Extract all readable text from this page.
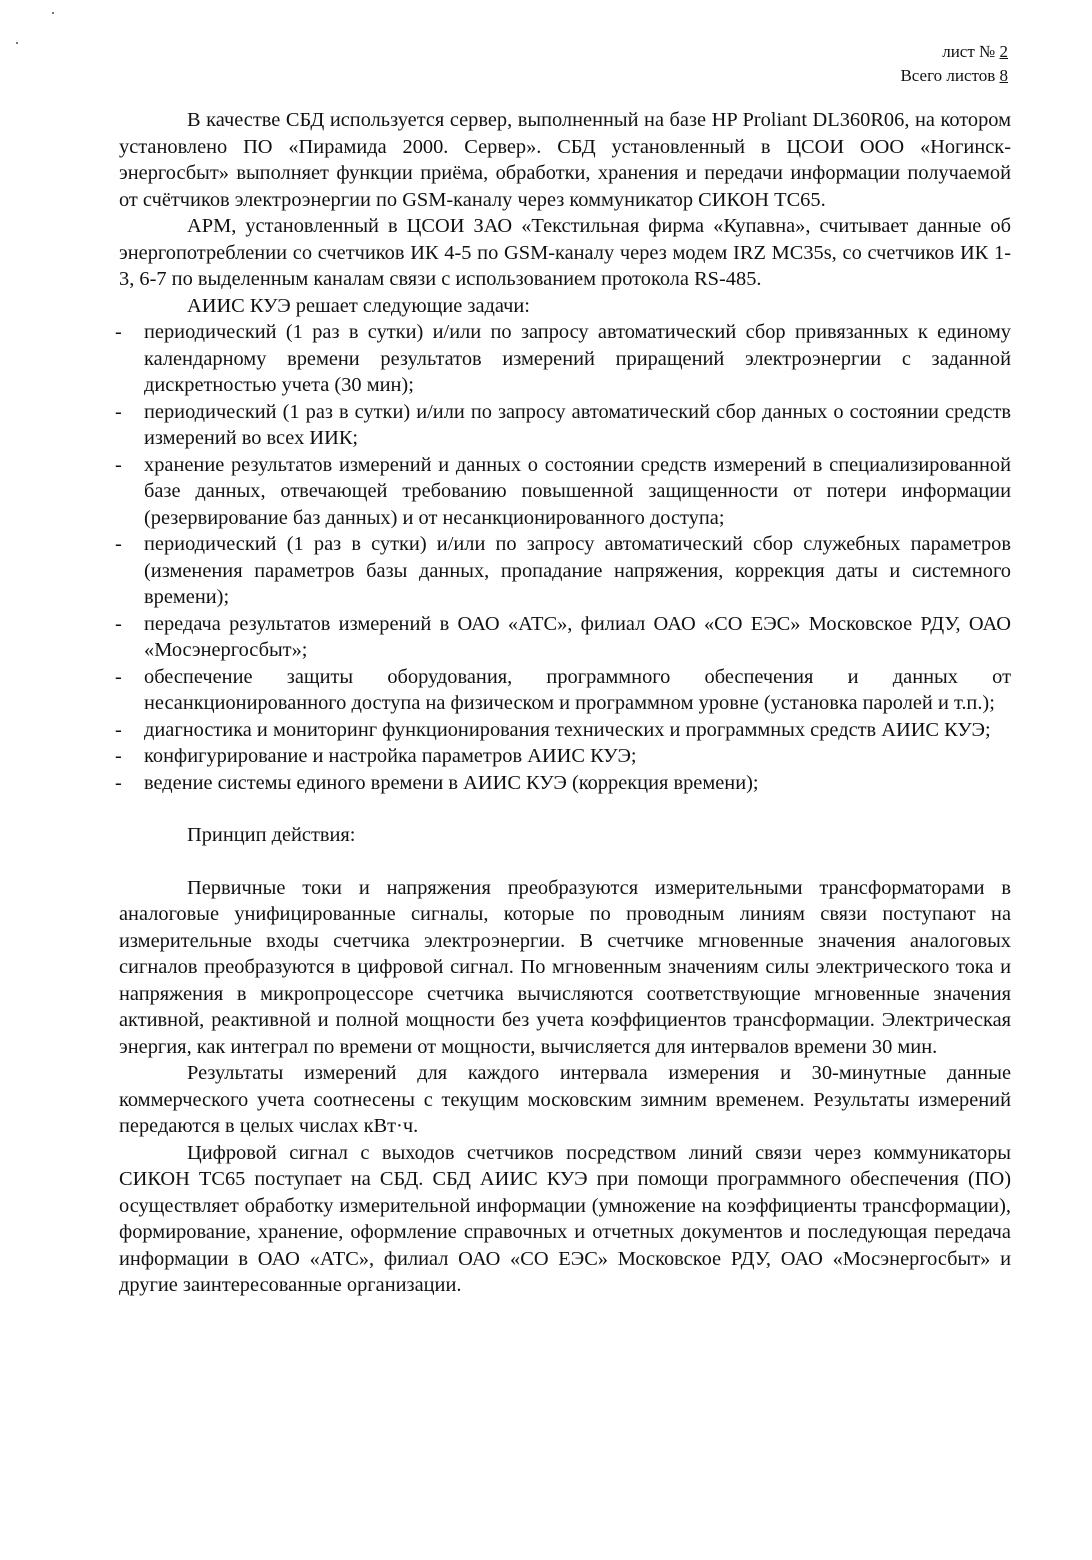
лист № 2
Всего листов 8

В качестве СБД используется сервер, выполненный на базе HP Proliant DL360R06, на котором установлено ПО «Пирамида 2000. Сервер». СБД установленный в ЦСОИ ООО «Ногинск-энергосбыт» выполняет функции приёма, обработки, хранения и передачи информации получаемой от счётчиков электроэнергии по GSM-каналу через коммуникатор СИКОН ТС65.

АРМ, установленный в ЦСОИ ЗАО «Текстильная фирма «Купавна», считывает данные об энергопотреблении со счетчиков ИК 4-5 по GSM-каналу через модем IRZ MC35s, со счетчиков ИК 1-3, 6-7 по выделенным каналам связи с использованием протокола RS-485.

АИИС КУЭ решает следующие задачи:

- периодический (1 раз в сутки) и/или по запросу автоматический сбор привязанных к единому календарному времени результатов измерений приращений электроэнергии с заданной дискретностью учета (30 мин);
- периодический (1 раз в сутки) и/или по запросу автоматический сбор данных о состоянии средств измерений во всех ИИК;
- хранение результатов измерений и данных о состоянии средств измерений в специализированной базе данных, отвечающей требованию повышенной защищенности от потери информации (резервирование баз данных) и от несанкционированного доступа;
- периодический (1 раз в сутки) и/или по запросу автоматический сбор служебных параметров (изменения параметров базы данных, пропадание напряжения, коррекция даты и системного времени);
- передача результатов измерений в ОАО «АТС», филиал ОАО «СО ЕЭС» Московское РДУ, ОАО «Мосэнергосбыт»;
- обеспечение защиты оборудования, программного обеспечения и данных от несанкционированного доступа на физическом и программном уровне (установка паролей и т.п.);
- диагностика и мониторинг функционирования технических и программных средств АИИС КУЭ;
- конфигурирование и настройка параметров АИИС КУЭ;
- ведение системы единого времени в АИИС КУЭ (коррекция времени);

Принцип действия:

Первичные токи и напряжения преобразуются измерительными трансформаторами в аналоговые унифицированные сигналы, которые по проводным линиям связи поступают на измерительные входы счетчика электроэнергии. В счетчике мгновенные значения аналоговых сигналов преобразуются в цифровой сигнал. По мгновенным значениям силы электрического тока и напряжения в микропроцессоре счетчика вычисляются соответствующие мгновенные значения активной, реактивной и полной мощности без учета коэффициентов трансформации. Электрическая энергия, как интеграл по времени от мощности, вычисляется для интервалов времени 30 мин.

Результаты измерений для каждого интервала измерения и 30-минутные данные коммерческого учета соотнесены с текущим московским зимним временем. Результаты измерений передаются в целых числах кВт·ч.

Цифровой сигнал с выходов счетчиков посредством линий связи через коммуникаторы СИКОН ТС65 поступает на СБД. СБД АИИС КУЭ при помощи программного обеспечения (ПО) осуществляет обработку измерительной информации (умножение на коэффициенты трансформации), формирование, хранение, оформление справочных и отчетных документов и последующая передача информации в ОАО «АТС», филиал ОАО «СО ЕЭС» Московское РДУ, ОАО «Мосэнергосбыт» и другие заинтересованные организации.
